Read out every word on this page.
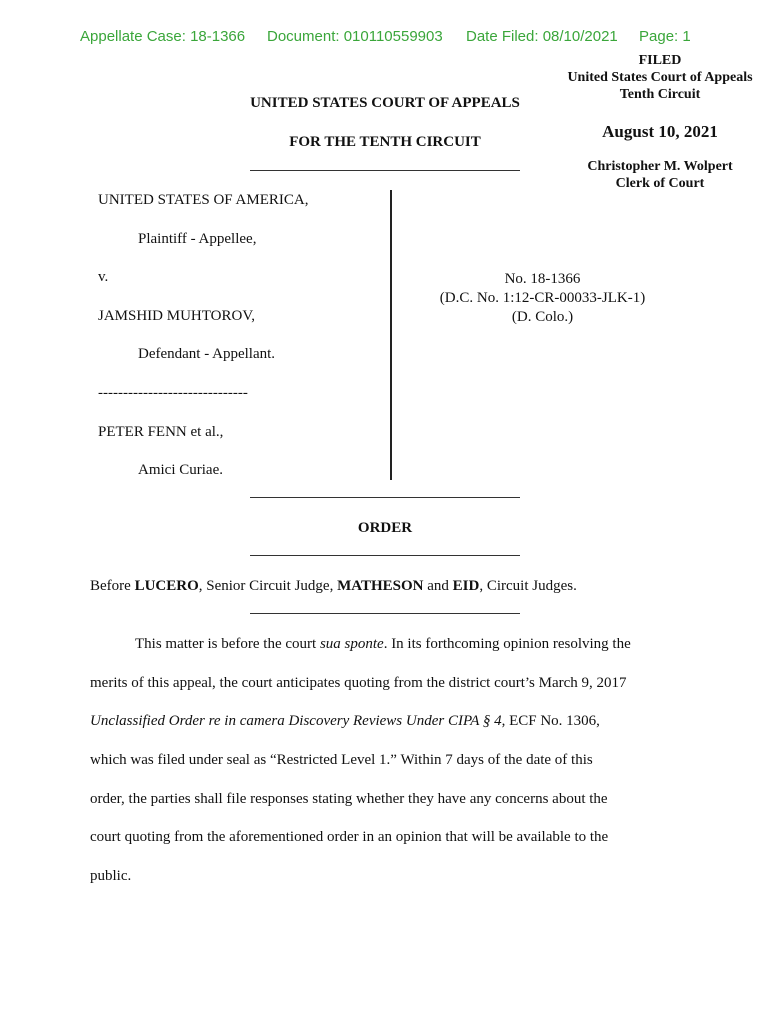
Appellate Case: 18-1366 Document: 010110559903 Date Filed: 08/10/2021 Page: 1
FILED
United States Court of Appeals
Tenth Circuit
August 10, 2021
Christopher M. Wolpert
Clerk of Court
UNITED STATES COURT OF APPEALS
FOR THE TENTH CIRCUIT
UNITED STATES OF AMERICA,
Plaintiff - Appellee,
v.
JAMSHID MUHTOROV,
Defendant - Appellant.
------------------------------
PETER FENN et al.,
Amici Curiae.
No. 18-1366
(D.C. No. 1:12-CR-00033-JLK-1)
(D. Colo.)
ORDER
Before LUCERO, Senior Circuit Judge, MATHESON and EID, Circuit Judges.
This matter is before the court sua sponte. In its forthcoming opinion resolving the
merits of this appeal, the court anticipates quoting from the district court’s March 9, 2017
Unclassified Order re in camera Discovery Reviews Under CIPA § 4, ECF No. 1306,
which was filed under seal as “Restricted Level 1.” Within 7 days of the date of this
order, the parties shall file responses stating whether they have any concerns about the
court quoting from the aforementioned order in an opinion that will be available to the
public.
